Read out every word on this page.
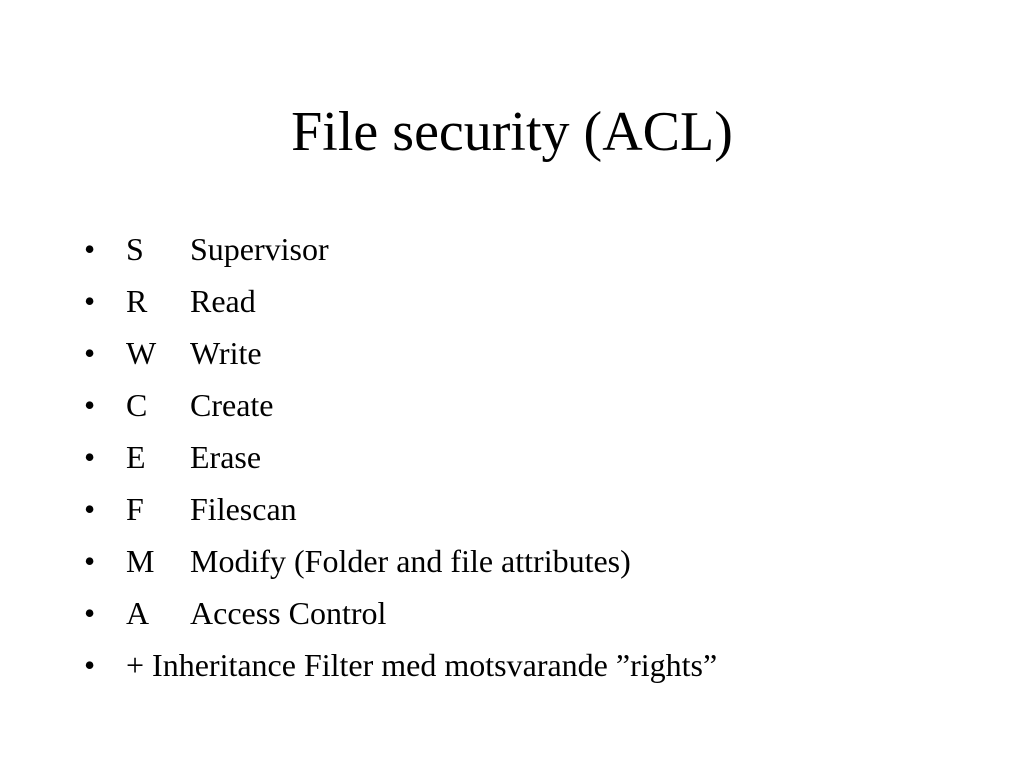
File security (ACL)
• S Supervisor
• R Read
• W Write
• C Create
• E Erase
• F Filescan
• M Modify (Folder and file attributes)
• A Access Control
• + Inheritance Filter med motsvarande ”rights”
